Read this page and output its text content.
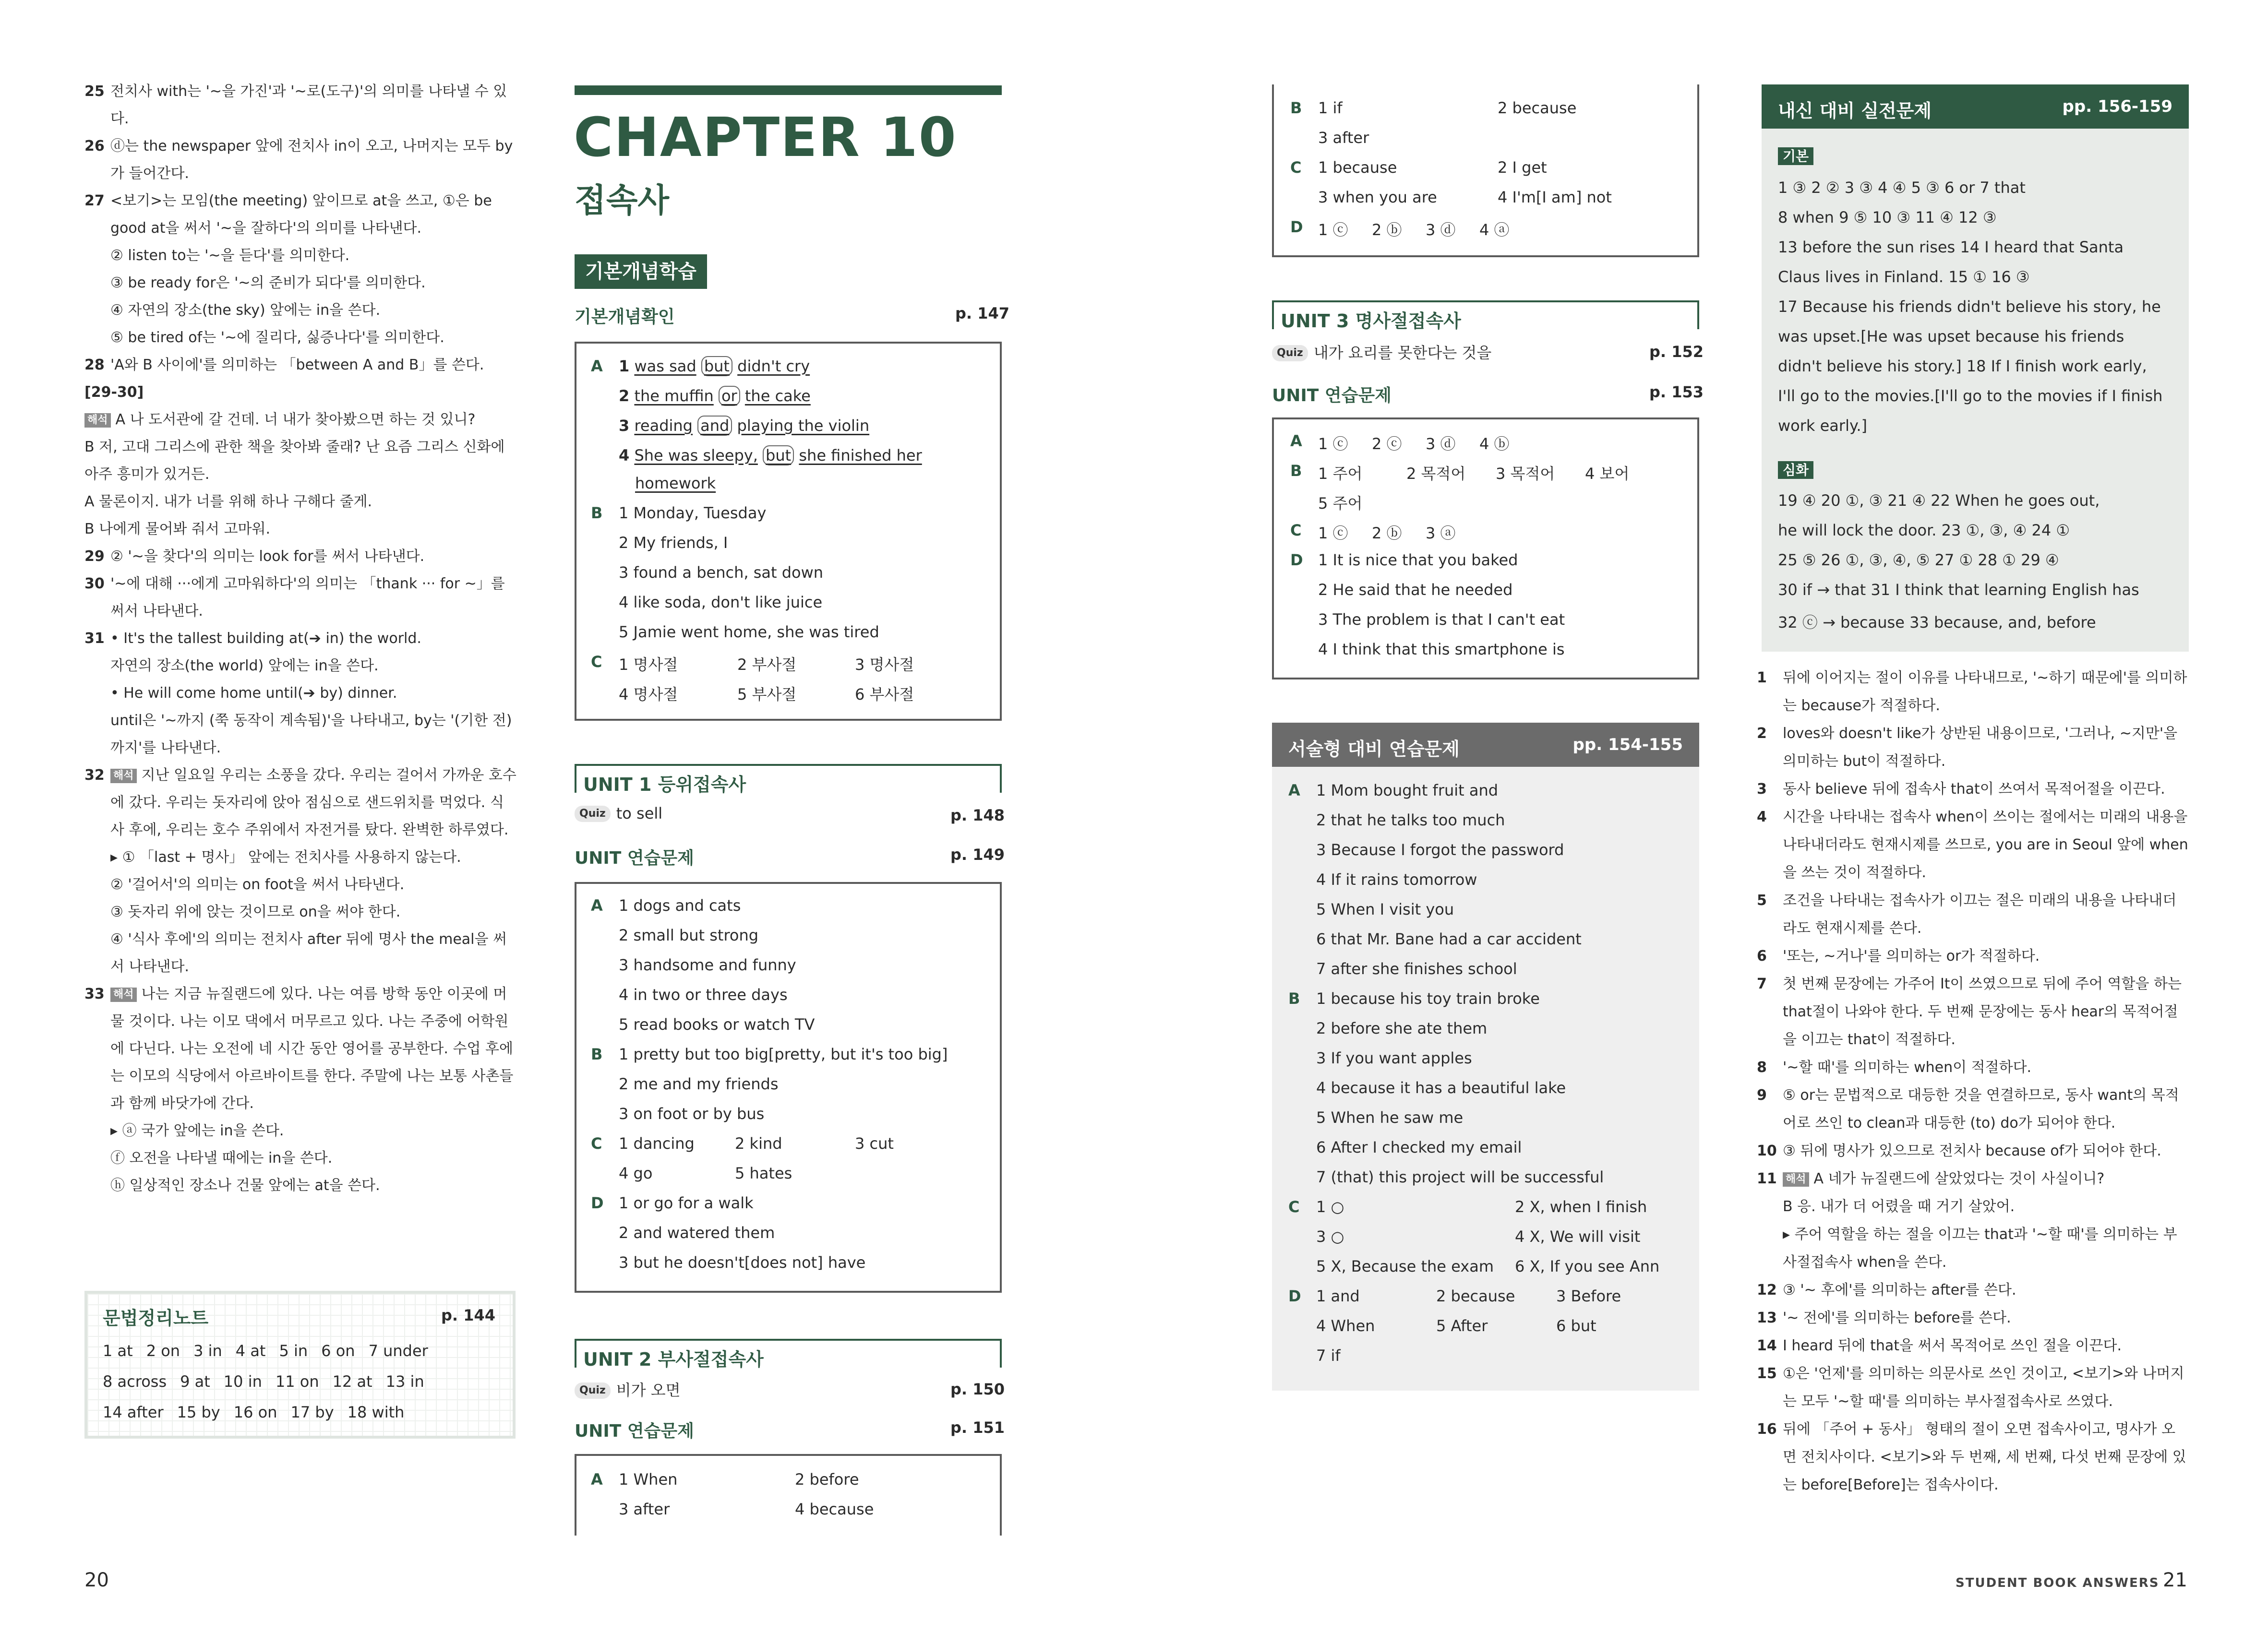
25 전치사 with는 '~을 가진'과 '~로(도구)'의 의미를 나타낼 수 있다.
26 ⓓ는 the newspaper 앞에 전치사 in이 오고, 나머지는 모두 by가 들어간다.
27 <보기>는 모임(the meeting) 앞이므로 at을 쓰고, ①은 be good at을 써서 '~을 잘하다'의 의미를 나타낸다.
② listen to는 '~을 듣다'를 의미한다.
③ be ready for은 '~의 준비가 되다'를 의미한다.
④ 자연의 장소(the sky) 앞에는 in을 쓴다.
⑤ be tired of는 '~에 질리다, 싫증나다'를 의미한다.
28 'A와 B 사이에'를 의미하는 「between A and B」를 쓴다.
[29-30]
해석 A 나 도서관에 갈 건데. 너 내가 찾아봤으면 하는 것 있니?
B 저, 고대 그리스에 관한 책을 찾아봐 줄래? 난 요즘 그리스 신화에 아주 흥미가 있거든.
A 물론이지. 내가 너를 위해 하나 구해다 줄게.
B 나에게 물어봐 줘서 고마워.
29 ② '~을 찾다'의 의미는 look for를 써서 나타낸다.
30 '~에 대해 ···에게 고마워하다'의 의미는 「thank ··· for ~」를 써서 나타낸다.
31 • It's the tallest building at(➔ in) the world.
자연의 장소(the world) 앞에는 in을 쓴다.
• He will come home until(➔ by) dinner.
until은 '~까지 (쭉 동작이 계속됨)'을 나타내고, by는 '(기한 전)까지'를 나타낸다.
32 해석 지난 일요일 우리는 소풍을 갔다. 우리는 걸어서 가까운 호수에 갔다. 우리는 돗자리에 앉아 점심으로 샌드위치를 먹었다. 식사 후에, 우리는 호수 주위에서 자전거를 탔다. 완벽한 하루였다.
▸ ① 「last + 명사」 앞에는 전치사를 사용하지 않는다.
② '걸어서'의 의미는 on foot을 써서 나타낸다.
③ 돗자리 위에 앉는 것이므로 on을 써야 한다.
④ '식사 후에'의 의미는 전치사 after 뒤에 명사 the meal을 써서 나타낸다.
33 해석 나는 지금 뉴질랜드에 있다. 나는 여름 방학 동안 이곳에 머물 것이다. 나는 이모 댁에서 머무르고 있다. 나는 주중에 어학원에 다닌다. 나는 오전에 네 시간 동안 영어를 공부한다. 수업 후에는 이모의 식당에서 아르바이트를 한다. 주말에 나는 보통 사촌들과 함께 바닷가에 간다.
▸ ⓐ 국가 앞에는 in을 쓴다.
ⓕ 오전을 나타낼 때에는 in을 쓴다.
ⓗ 일상적인 장소나 건물 앞에는 at을 쓴다.
문법정리노트	p. 144
1 at 2 on 3 in 4 at 5 in 6 on 7 under
8 across 9 at 10 in 11 on 12 at 13 in
14 after 15 by 16 on 17 by 18 with
20
CHAPTER 10
접속사
기본개념학습
기본개념확인	p. 147
A 1 was sad but didn't cry
2 the muffin or the cake
3 reading and playing the violin
4 She was sleepy, but she finished her
homework
B 1 Monday, Tuesday
2 My friends, I
3 found a bench, sat down
4 like soda, don't like juice
5 Jamie went home, she was tired
C 1 명사절	2 부사절	3 명사절
4 명사절	5 부사절	6 부사절
UNIT 1 등위접속사
Quiz to sell	p. 148
UNIT 연습문제	p. 149
A 1 dogs and cats
2 small but strong
3 handsome and funny
4 in two or three days
5 read books or watch TV
B 1 pretty but too big[pretty, but it's too big]
2 me and my friends
3 on foot or by bus
C 1 dancing	2 kind	3 cut
4 go	5 hates
D 1 or go for a walk
2 and watered them
3 but he doesn't[does not] have
UNIT 2 부사절접속사
Quiz 비가 오면	p. 150
UNIT 연습문제	p. 151
A 1 When	2 before
3 after	4 because
B 1 if	2 because
3 after
C 1 because	2 I get
3 when you are	4 I'm[I am] not
D 1 ⓒ 2 ⓑ 3 ⓓ 4 ⓐ
UNIT 3 명사절접속사
Quiz 내가 요리를 못한다는 것을	p. 152
UNIT 연습문제	p. 153
A 1 ⓒ 2 ⓒ 3 ⓓ 4 ⓑ
B 1 주어	2 목적어 3 목적어 4 보어
5 주어
C 1 ⓒ 2 ⓑ 3 ⓐ
D 1 It is nice that you baked
2 He said that he needed
3 The problem is that I can't eat
4 I think that this smartphone is
서술형 대비 연습문제	pp. 154-155
A 1 Mom bought fruit and
2 that he talks too much
3 Because I forgot the password
4 If it rains tomorrow
5 When I visit you
6 that Mr. Bane had a car accident
7 after she finishes school
B 1 because his toy train broke
2 before she ate them
3 If you want apples
4 because it has a beautiful lake
5 When he saw me
6 After I checked my email
7 (that) this project will be successful
C 1 ○	2 X, when I finish
3 ○	4 X, We will visit
5 X, Because the exam 6 X, If you see Ann
D 1 and	2 because	3 Before
4 When	5 After	6 but
7 if
내신 대비 실전문제	pp. 156-159
기본
1 ③ 2 ② 3 ③ 4 ④ 5 ③ 6 or 7 that
8 when 9 ⑤ 10 ③ 11 ④ 12 ③
13 before the sun rises 14 I heard that Santa
Claus lives in Finland. 15 ① 16 ③
17 Because his friends didn't believe his story, he
was upset.[He was upset because his friends
didn't believe his story.] 18 If I finish work early,
I'll go to the movies.[I'll go to the movies if I finish
work early.]
심화
19 ④ 20 ①, ③ 21 ④ 22 When he goes out,
he will lock the door. 23 ①, ③, ④ 24 ①
25 ⑤ 26 ①, ③, ④, ⑤ 27 ① 28 ① 29 ④
30 if → that 31 I think that learning English has
32 ⓒ → because 33 because, and, before
1	뒤에 이어지는 절이 이유를 나타내므로, '~하기 때문에'를 의미하는 because가 적절하다.
2	loves와 doesn't like가 상반된 내용이므로, '그러나, ~지만'을 의미하는 but이 적절하다.
3	동사 believe 뒤에 접속사 that이 쓰여서 목적어절을 이끈다.
4	시간을 나타내는 접속사 when이 쓰이는 절에서는 미래의 내용을 나타내더라도 현재시제를 쓰므로, you are in Seoul 앞에 when을 쓰는 것이 적절하다.
5	조건을 나타내는 접속사가 이끄는 절은 미래의 내용을 나타내더라도 현재시제를 쓴다.
6	'또는, ~거나'를 의미하는 or가 적절하다.
7	첫 번째 문장에는 가주어 It이 쓰였으므로 뒤에 주어 역할을 하는 that절이 나와야 한다. 두 번째 문장에는 동사 hear의 목적어절을 이끄는 that이 적절하다.
8	'~할 때'를 의미하는 when이 적절하다.
9	⑤ or는 문법적으로 대등한 것을 연결하므로, 동사 want의 목적어로 쓰인 to clean과 대등한 (to) do가 되어야 한다.
10 ③ 뒤에 명사가 있으므로 전치사 because of가 되어야 한다.
11 해석 A 네가 뉴질랜드에 살았었다는 것이 사실이니?
B 응. 내가 더 어렸을 때 거기 살았어.
▸ 주어 역할을 하는 절을 이끄는 that과 '~할 때'를 의미하는 부사절접속사 when을 쓴다.
12 ③ '~ 후에'를 의미하는 after를 쓴다.
13 '~ 전에'를 의미하는 before를 쓴다.
14 I heard 뒤에 that을 써서 목적어로 쓰인 절을 이끈다.
15 ①은 '언제'를 의미하는 의문사로 쓰인 것이고, <보기>와 나머지는 모두 '~할 때'를 의미하는 부사절접속사로 쓰였다.
16 뒤에 「주어 + 동사」 형태의 절이 오면 접속사이고, 명사가 오면 전치사이다. <보기>와 두 번째, 세 번째, 다섯 번째 문장에 있는 before[Before]는 접속사이다.
STUDENT BOOK ANSWERS 21
